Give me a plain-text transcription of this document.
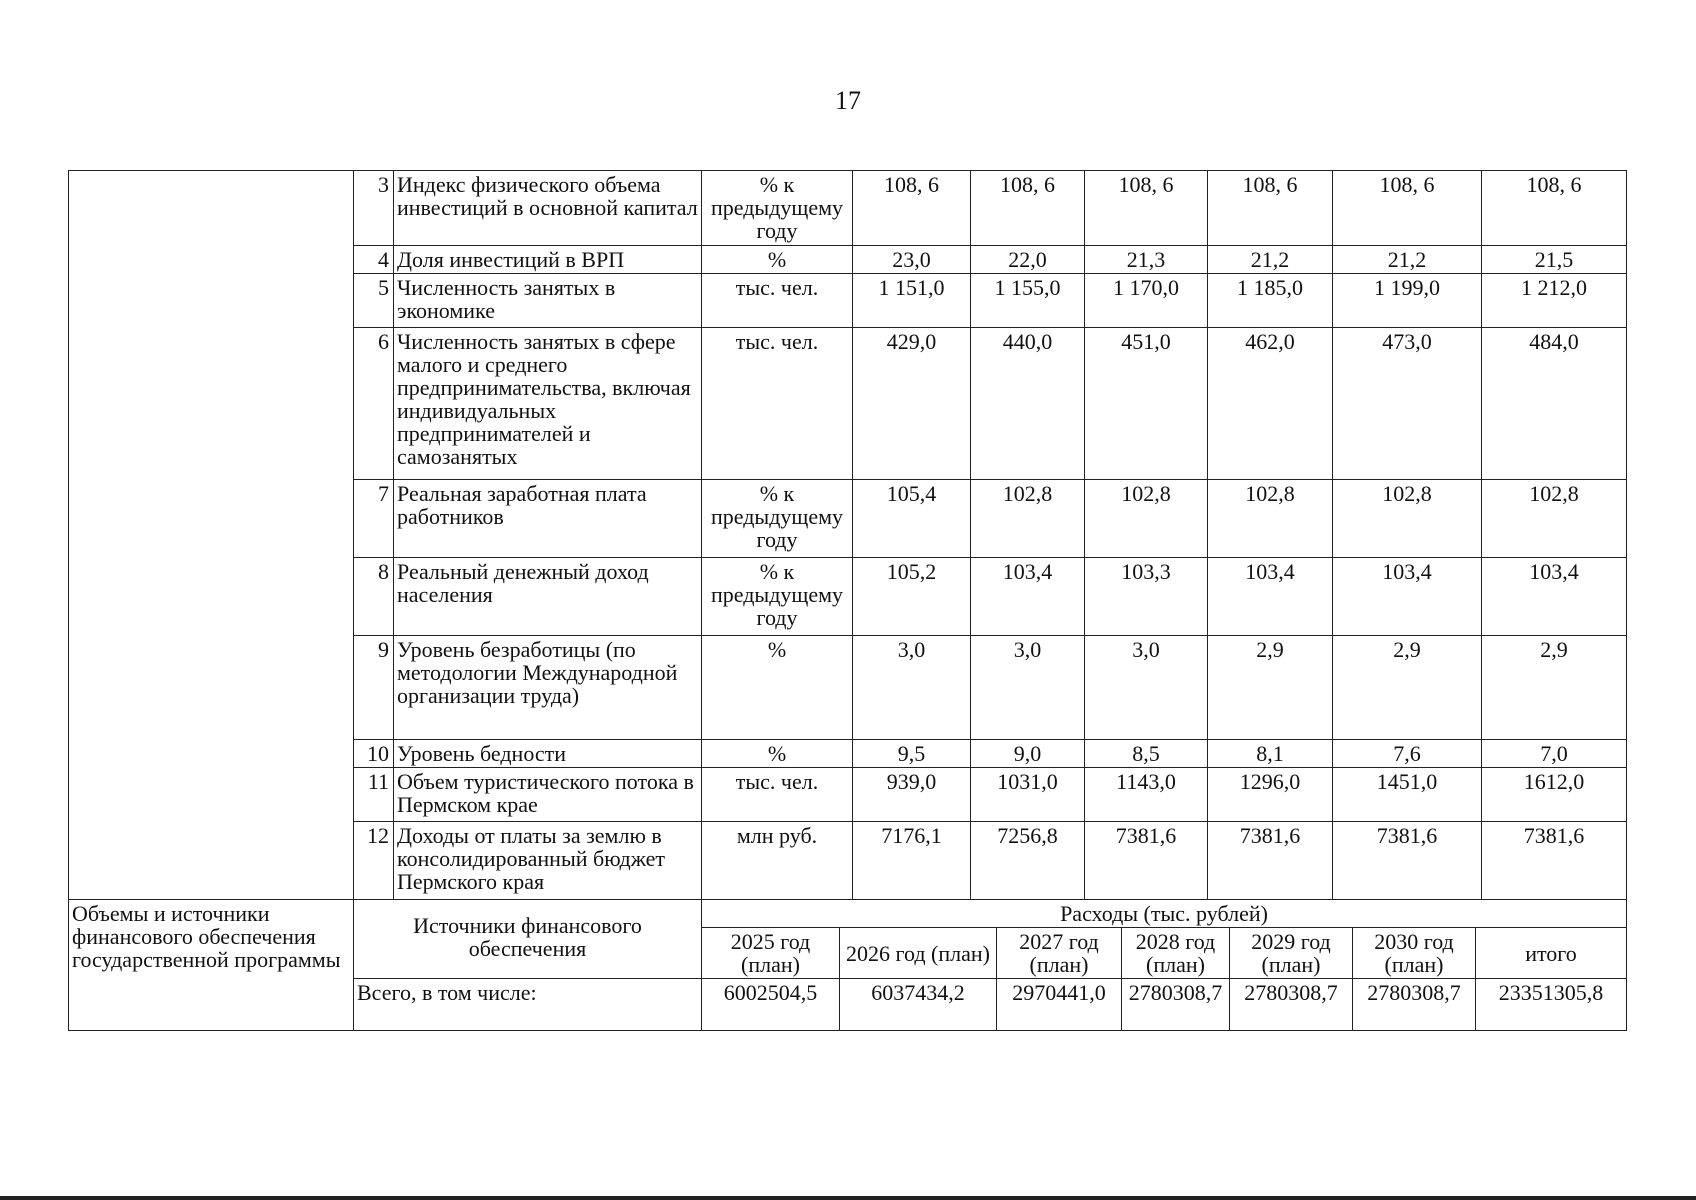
17
	3	Индекс физического объема инвестиций в основной капитал	% к предыдущему году	108, 6	108, 6	108, 6	108, 6	108, 6	108, 6
	4	Доля инвестиций в ВРП	%	23,0	22,0	21,3	21,2	21,2	21,5
	5	Численность занятых в экономике	тыс. чел.	1 151,0	1 155,0	1 170,0	1 185,0	1 199,0	1 212,0
	6	Численность занятых в сфере малого и среднего предпринимательства, включая индивидуальных предпринимателей и самозанятых	тыс. чел.	429,0	440,0	451,0	462,0	473,0	484,0
	7	Реальная заработная плата работников	% к предыдущему году	105,4	102,8	102,8	102,8	102,8	102,8
	8	Реальный денежный доход населения	% к предыдущему году	105,2	103,4	103,3	103,4	103,4	103,4
	9	Уровень безработицы (по методологии Международной организации труда)	%	3,0	3,0	3,0	2,9	2,9	2,9
	10	Уровень бедности	%	9,5	9,0	8,5	8,1	7,6	7,0
	11	Объем туристического потока в Пермском крае	тыс. чел.	939,0	1031,0	1143,0	1296,0	1451,0	1612,0
	12	Доходы от платы за землю в консолидированный бюджет Пермского края	млн руб.	7176,1	7256,8	7381,6	7381,6	7381,6	7381,6
Объемы и источники финансового обеспечения государственной программы	Источники финансового обеспечения	Расходы (тыс. рублей)						
		2025 год (план)	2026 год (план)	2027 год (план)	2028 год (план)	2029 год (план)	2030 год (план)	итого
	Всего, в том числе:	6002504,5	6037434,2	2970441,0	2780308,7	2780308,7	2780308,7	23351305,8
